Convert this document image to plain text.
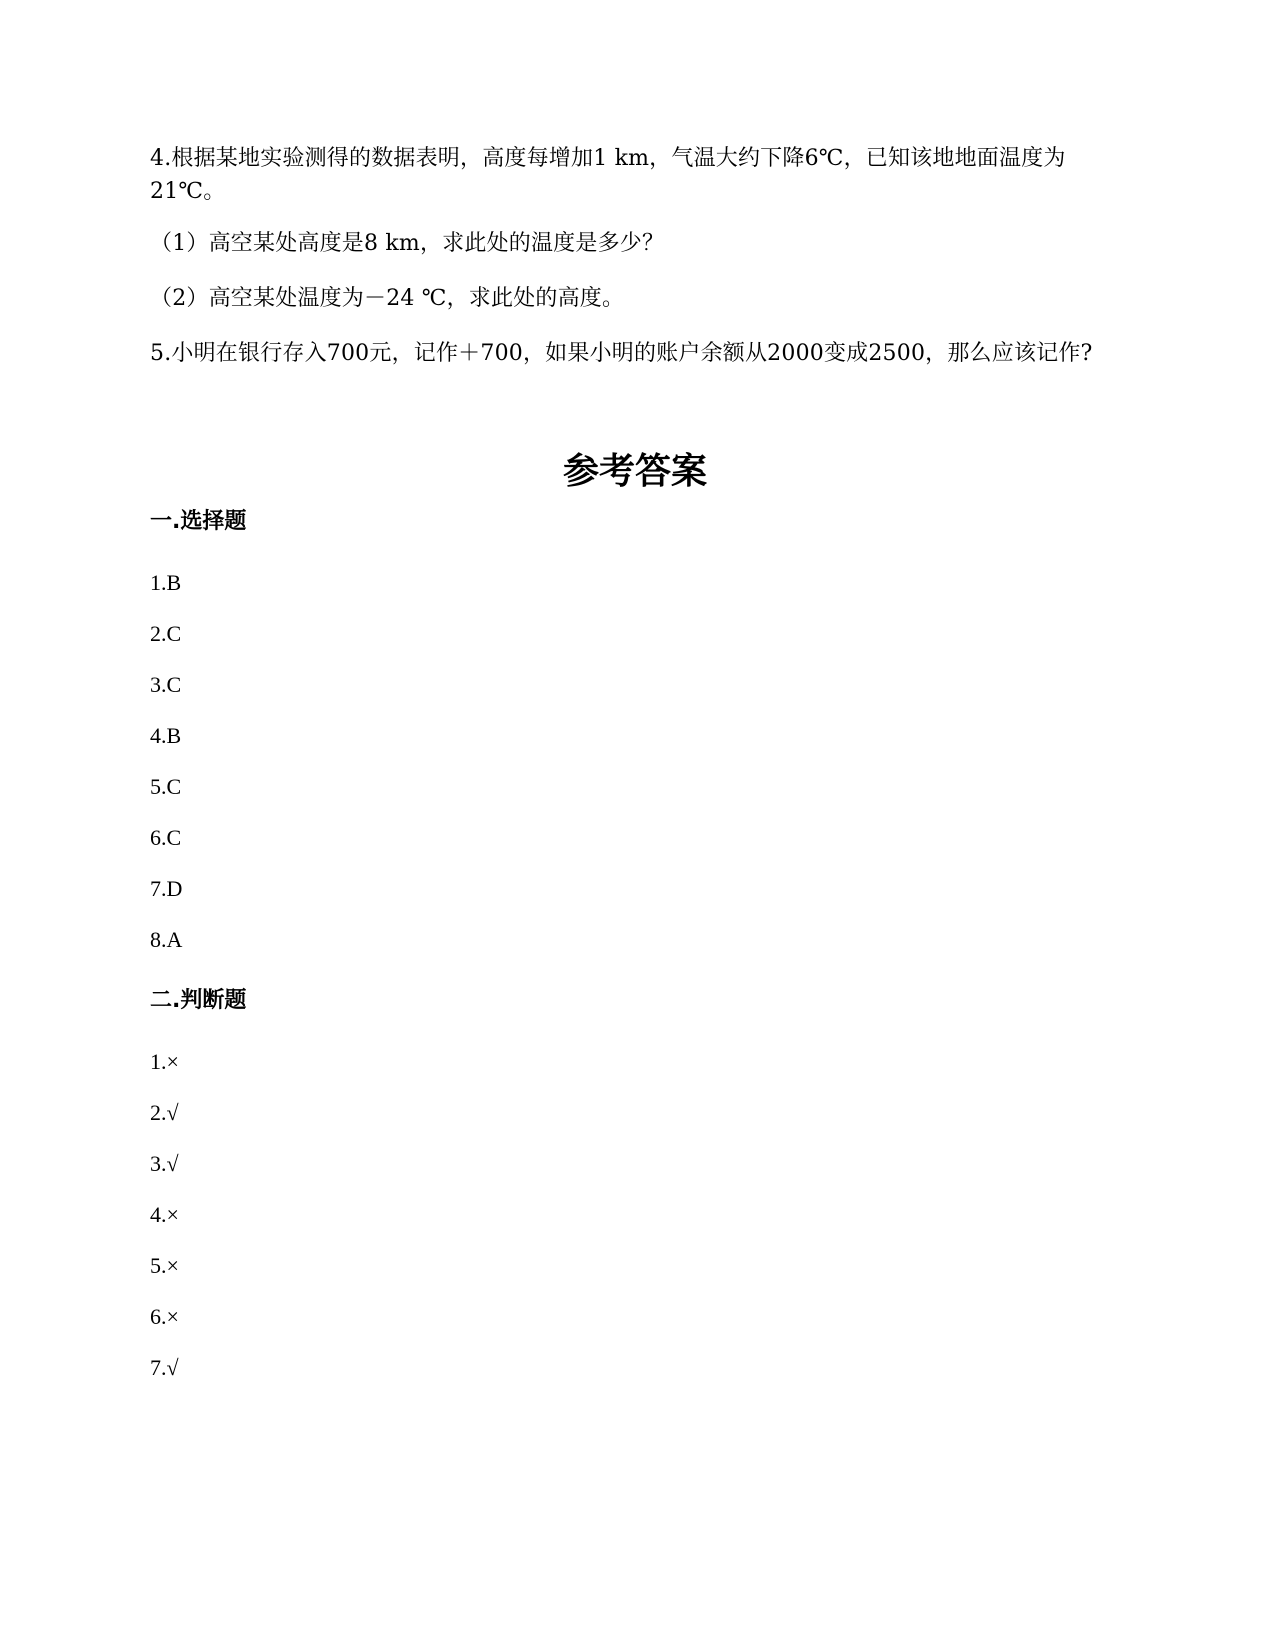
4.根据某地实验测得的数据表明，高度每增加1 km，气温大约下降6℃，已知该地地面温度为21℃。
（1）高空某处高度是8 km，求此处的温度是多少？
（2）高空某处温度为－24 ℃，求此处的高度。
5.小明在银行存入700元，记作＋700，如果小明的账户余额从2000变成2500，那么应该记作?
参考答案
一.选择题
1.B
2.C
3.C
4.B
5.C
6.C
7.D
8.A
二.判断题
1.×
2.√
3.√
4.×
5.×
6.×
7.√
